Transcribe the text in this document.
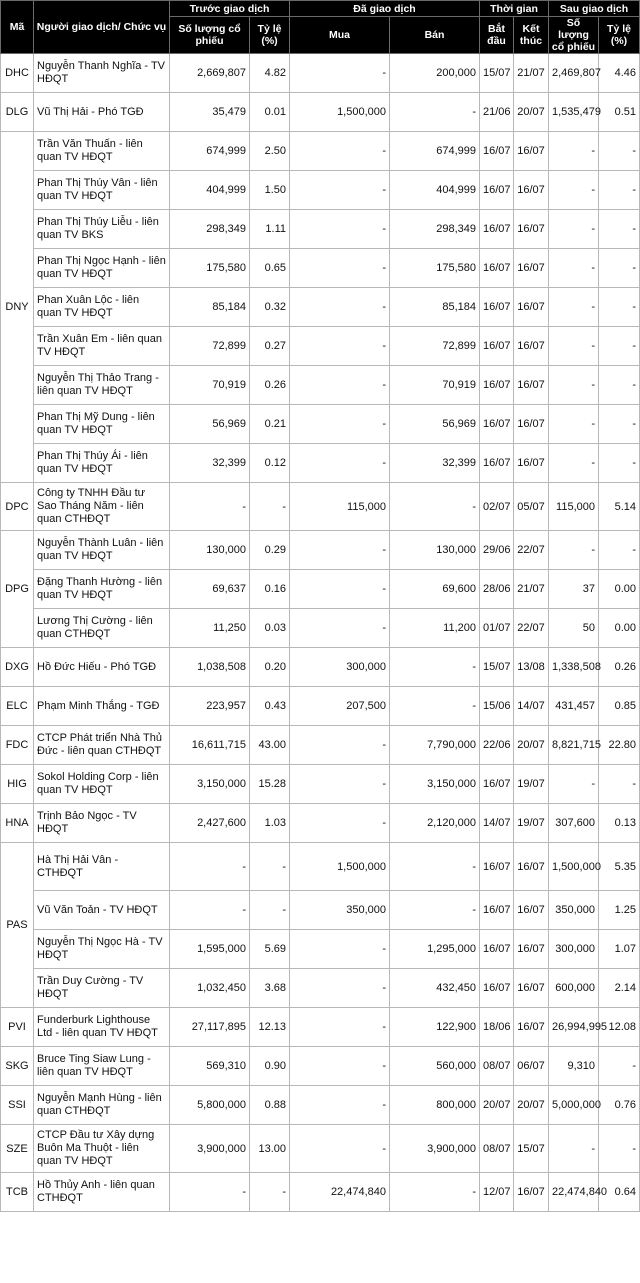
Mã	Người giao dịch/ Chức vụ	Trước giao dịch		Đã giao dịch		Thời gian		Sau giao dịch	
		Số lượng cổ phiếu	Tỷ lệ (%)	Mua	Bán	Bắt đầu	Kết thúc	Số lượng cổ phiếu	Tỷ lệ (%)
DHC	Nguyễn Thanh Nghĩa - TV HĐQT	2,669,807	4.82	-	200,000	15/07	21/07	2,469,807	4.46
DLG	Vũ Thị Hải - Phó TGĐ	35,479	0.01	1,500,000	-	21/06	20/07	1,535,479	0.51
DNY	Trần Văn Thuấn - liên quan TV HĐQT	674,999	2.50	-	674,999	16/07	16/07	-	-
	Phan Thị Thúy Vân - liên quan TV HĐQT	404,999	1.50	-	404,999	16/07	16/07	-	-
	Phan Thị Thúy Liễu - liên quan TV BKS	298,349	1.11	-	298,349	16/07	16/07	-	-
	Phan Thị Ngọc Hạnh - liên quan TV HĐQT	175,580	0.65	-	175,580	16/07	16/07	-	-
	Phan Xuân Lộc - liên quan TV HĐQT	85,184	0.32	-	85,184	16/07	16/07	-	-
	Trần Xuân Em - liên quan TV HĐQT	72,899	0.27	-	72,899	16/07	16/07	-	-
	Nguyễn Thị Thảo Trang - liên quan TV HĐQT	70,919	0.26	-	70,919	16/07	16/07	-	-
	Phan Thị Mỹ Dung - liên quan TV HĐQT	56,969	0.21	-	56,969	16/07	16/07	-	-
	Phan Thị Thúy Ái - liên quan TV HĐQT	32,399	0.12	-	32,399	16/07	16/07	-	-
DPC	Công ty TNHH Đầu tư Sao Tháng Năm - liên quan CTHĐQT	-	-	115,000	-	02/07	05/07	115,000	5.14
DPG	Nguyễn Thành Luân - liên quan TV HĐQT	130,000	0.29	-	130,000	29/06	22/07	-	-
	Đặng Thanh Hường - liên quan TV HĐQT	69,637	0.16	-	69,600	28/06	21/07	37	0.00
	Lương Thị Cường - liên quan CTHĐQT	11,250	0.03	-	11,200	01/07	22/07	50	0.00
DXG	Hồ Đức Hiếu - Phó TGĐ	1,038,508	0.20	300,000	-	15/07	13/08	1,338,508	0.26
ELC	Phạm Minh Thắng - TGĐ	223,957	0.43	207,500	-	15/06	14/07	431,457	0.85
FDC	CTCP Phát triển Nhà Thủ Đức - liên quan CTHĐQT	16,611,715	43.00	-	7,790,000	22/06	20/07	8,821,715	22.80
HIG	Sokol Holding Corp - liên quan TV HĐQT	3,150,000	15.28	-	3,150,000	16/07	19/07	-	-
HNA	Trịnh Bảo Ngọc - TV HĐQT	2,427,600	1.03	-	2,120,000	14/07	19/07	307,600	0.13
PAS	Hà Thị Hải Vân - CTHĐQT	-	-	1,500,000	-	16/07	16/07	1,500,000	5.35
	Vũ Văn Toản - TV HĐQT	-	-	350,000	-	16/07	16/07	350,000	1.25
	Nguyễn Thị Ngọc Hà - TV HĐQT	1,595,000	5.69	-	1,295,000	16/07	16/07	300,000	1.07
	Trần Duy Cường - TV HĐQT	1,032,450	3.68	-	432,450	16/07	16/07	600,000	2.14
PVI	Funderburk Lighthouse Ltd - liên quan TV HĐQT	27,117,895	12.13	-	122,900	18/06	16/07	26,994,995	12.08
SKG	Bruce Ting Siaw Lung - liên quan TV HĐQT	569,310	0.90	-	560,000	08/07	06/07	9,310	-
SSI	Nguyễn Mạnh Hùng - liên quan CTHĐQT	5,800,000	0.88	-	800,000	20/07	20/07	5,000,000	0.76
SZE	CTCP Đầu tư Xây dựng Buôn Ma Thuột - liên quan TV HĐQT	3,900,000	13.00	-	3,900,000	08/07	15/07	-	-
TCB	Hồ Thủy Anh - liên quan CTHĐQT	-	-	22,474,840	-	12/07	16/07	22,474,840	0.64
